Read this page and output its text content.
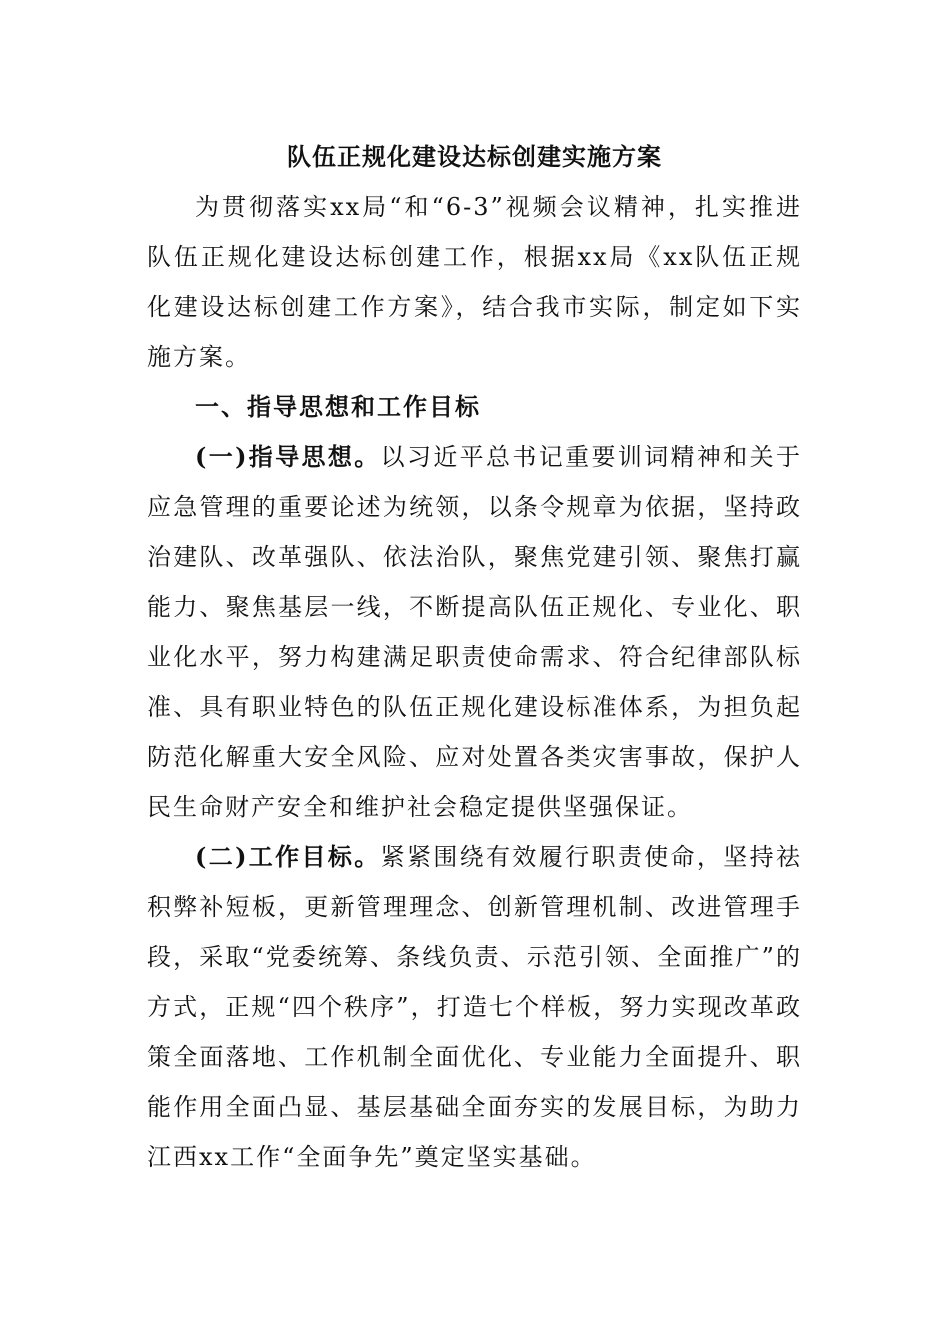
队伍正规化建设达标创建实施方案

为贯彻落实xx局“和“6-3”视频会议精神，扎实推进队伍正规化建设达标创建工作，根据xx局《xx队伍正规化建设达标创建工作方案》，结合我市实际，制定如下实施方案。

一、指导思想和工作目标

(一)指导思想。以习近平总书记重要训词精神和关于应急管理的重要论述为统领，以条令规章为依据，坚持政治建队、改革强队、依法治队，聚焦党建引领、聚焦打赢能力、聚焦基层一线，不断提高队伍正规化、专业化、职业化水平，努力构建满足职责使命需求、符合纪律部队标准、具有职业特色的队伍正规化建设标准体系，为担负起防范化解重大安全风险、应对处置各类灾害事故，保护人民生命财产安全和维护社会稳定提供坚强保证。

(二)工作目标。紧紧围绕有效履行职责使命，坚持祛积弊补短板，更新管理理念、创新管理机制、改进管理手段，采取“党委统筹、条线负责、示范引领、全面推广”的方式，正规“四个秩序”，打造七个样板，努力实现改革政策全面落地、工作机制全面优化、专业能力全面提升、职能作用全面凸显、基层基础全面夯实的发展目标，为助力江西xx工作“全面争先”奠定坚实基础。
